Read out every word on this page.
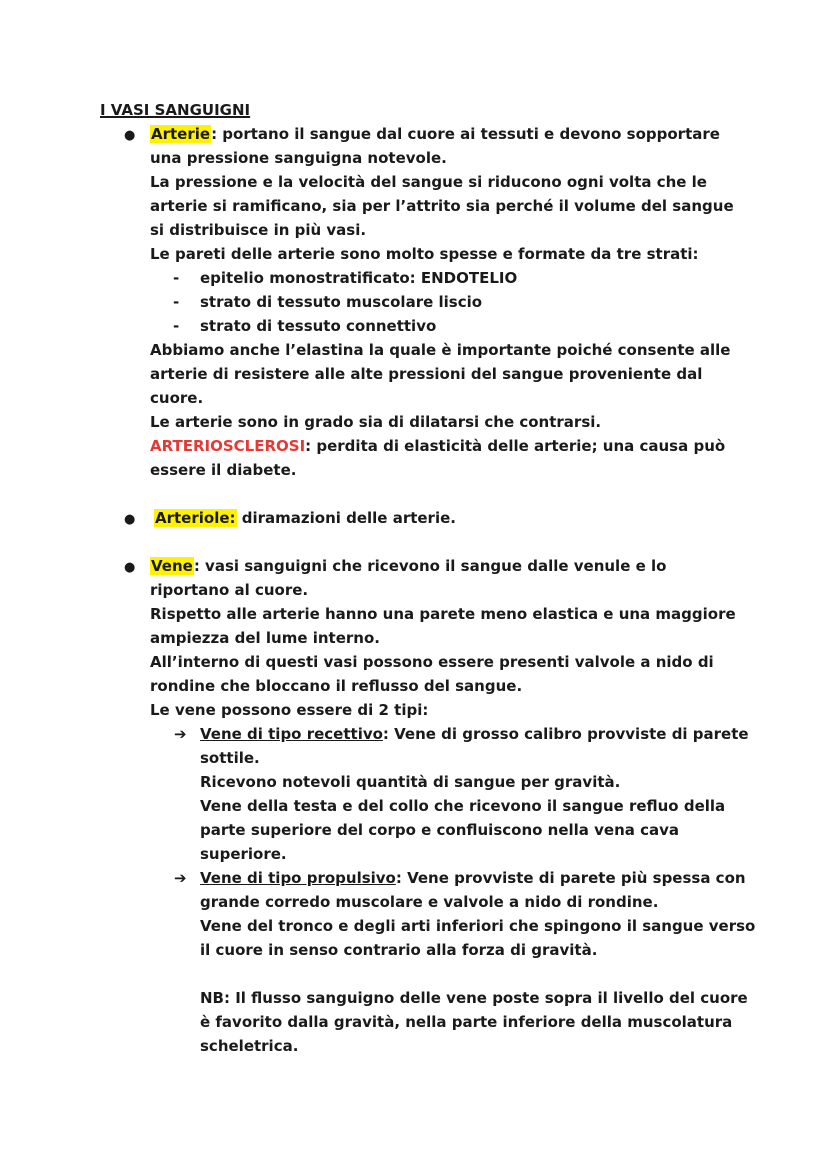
I VASI SANGUIGNI
● Arterie: portano il sangue dal cuore ai tessuti e devono sopportare una pressione sanguigna notevole.

La pressione e la velocità del sangue si riducono ogni volta che le arterie si ramificano, sia per l’attrito sia perché il volume del sangue si distribuisce in più vasi.

Le pareti delle arterie sono molto spesse e formate da tre strati:

- epitelio monostratificato: ENDOTELIO
- strato di tessuto muscolare liscio
- strato di tessuto connettivo

Abbiamo anche l’elastina la quale è importante poiché consente alle arterie di resistere alle alte pressioni del sangue proveniente dal cuore.

Le arterie sono in grado sia di dilatarsi che contrarsi.

ARTERIOSCLEROSI: perdita di elasticità delle arterie; una causa può essere il diabete.

● Arteriole: diramazioni delle arterie.

● Vene: vasi sanguigni che ricevono il sangue dalle venule e lo riportano al cuore.

Rispetto alle arterie hanno una parete meno elastica e una maggiore ampiezza del lume interno.

All’interno di questi vasi possono essere presenti valvole a nido di rondine che bloccano il reflusso del sangue.

Le vene possono essere di 2 tipi:

➔ Vene di tipo recettivo: Vene di grosso calibro provviste di parete sottile.

Ricevono notevoli quantità di sangue per gravità.

Vene della testa e del collo che ricevono il sangue refluo della parte superiore del corpo e confluiscono nella vena cava superiore.

➔ Vene di tipo propulsivo: Vene provviste di parete più spessa con grande corredo muscolare e valvole a nido di rondine.

Vene del tronco e degli arti inferiori che spingono il sangue verso il cuore in senso contrario alla forza di gravità.

NB: Il flusso sanguigno delle vene poste sopra il livello del cuore è favorito dalla gravità, nella parte inferiore della muscolatura scheletrica.
